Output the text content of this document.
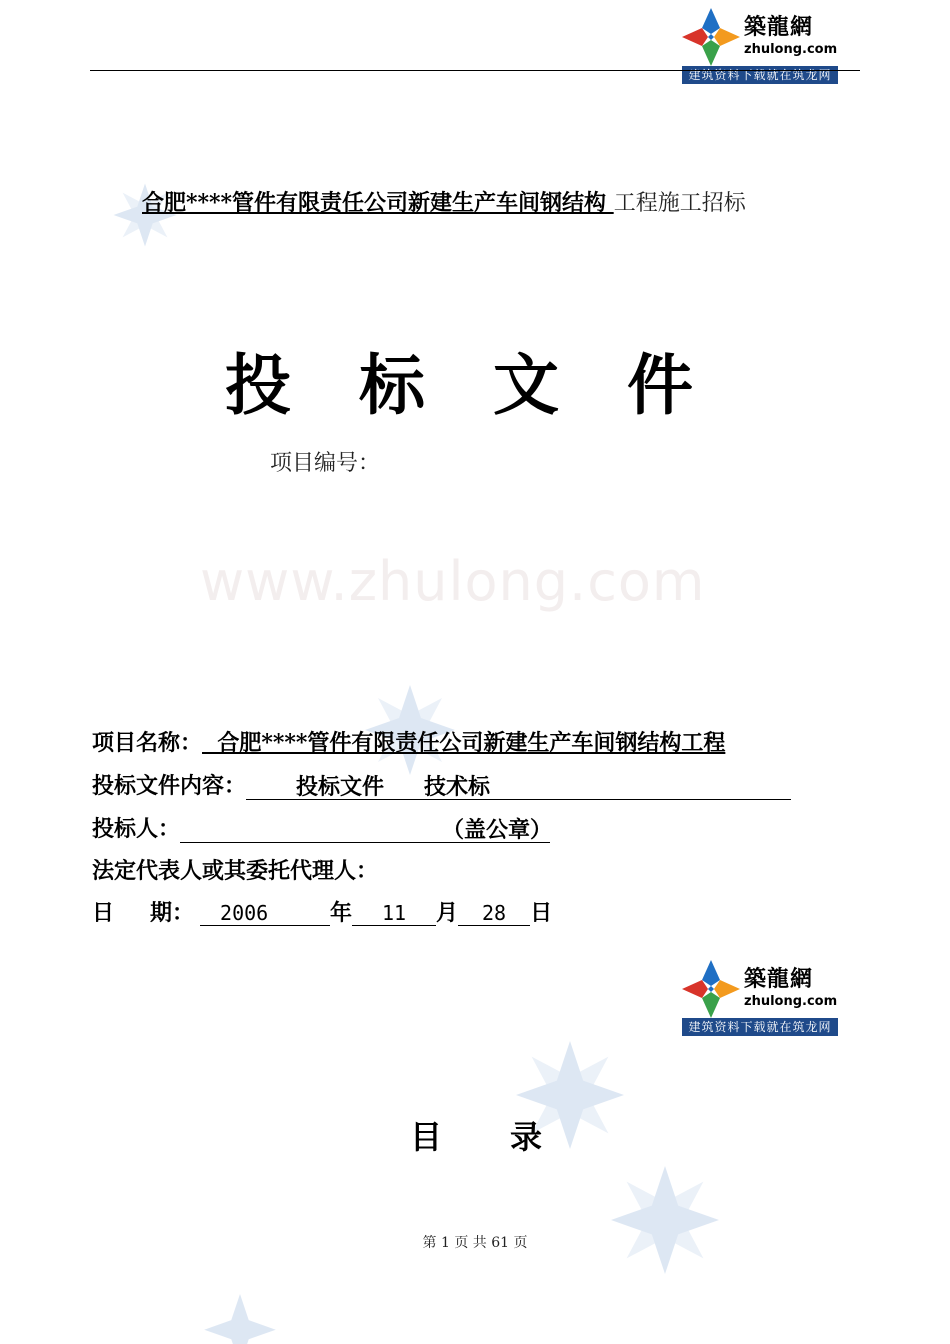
築龍網
zhulong.com
建筑资料下载就在筑龙网
合肥****管件有限责任公司新建生产车间钢结构 工程施工招标
投 标 文 件
项目编号：
www.zhulong.com
项目名称：  合肥****管件有限责任公司新建生产车间钢结构工程
投标文件内容： 投标文件 技术标
投标人：	（盖公章）
法定代表人或其委托代理人：
日 期： 2006	年 11 月 28 日
築龍網
zhulong.com
建筑资料下载就在筑龙网
目 录
第 1 页 共 61 页
